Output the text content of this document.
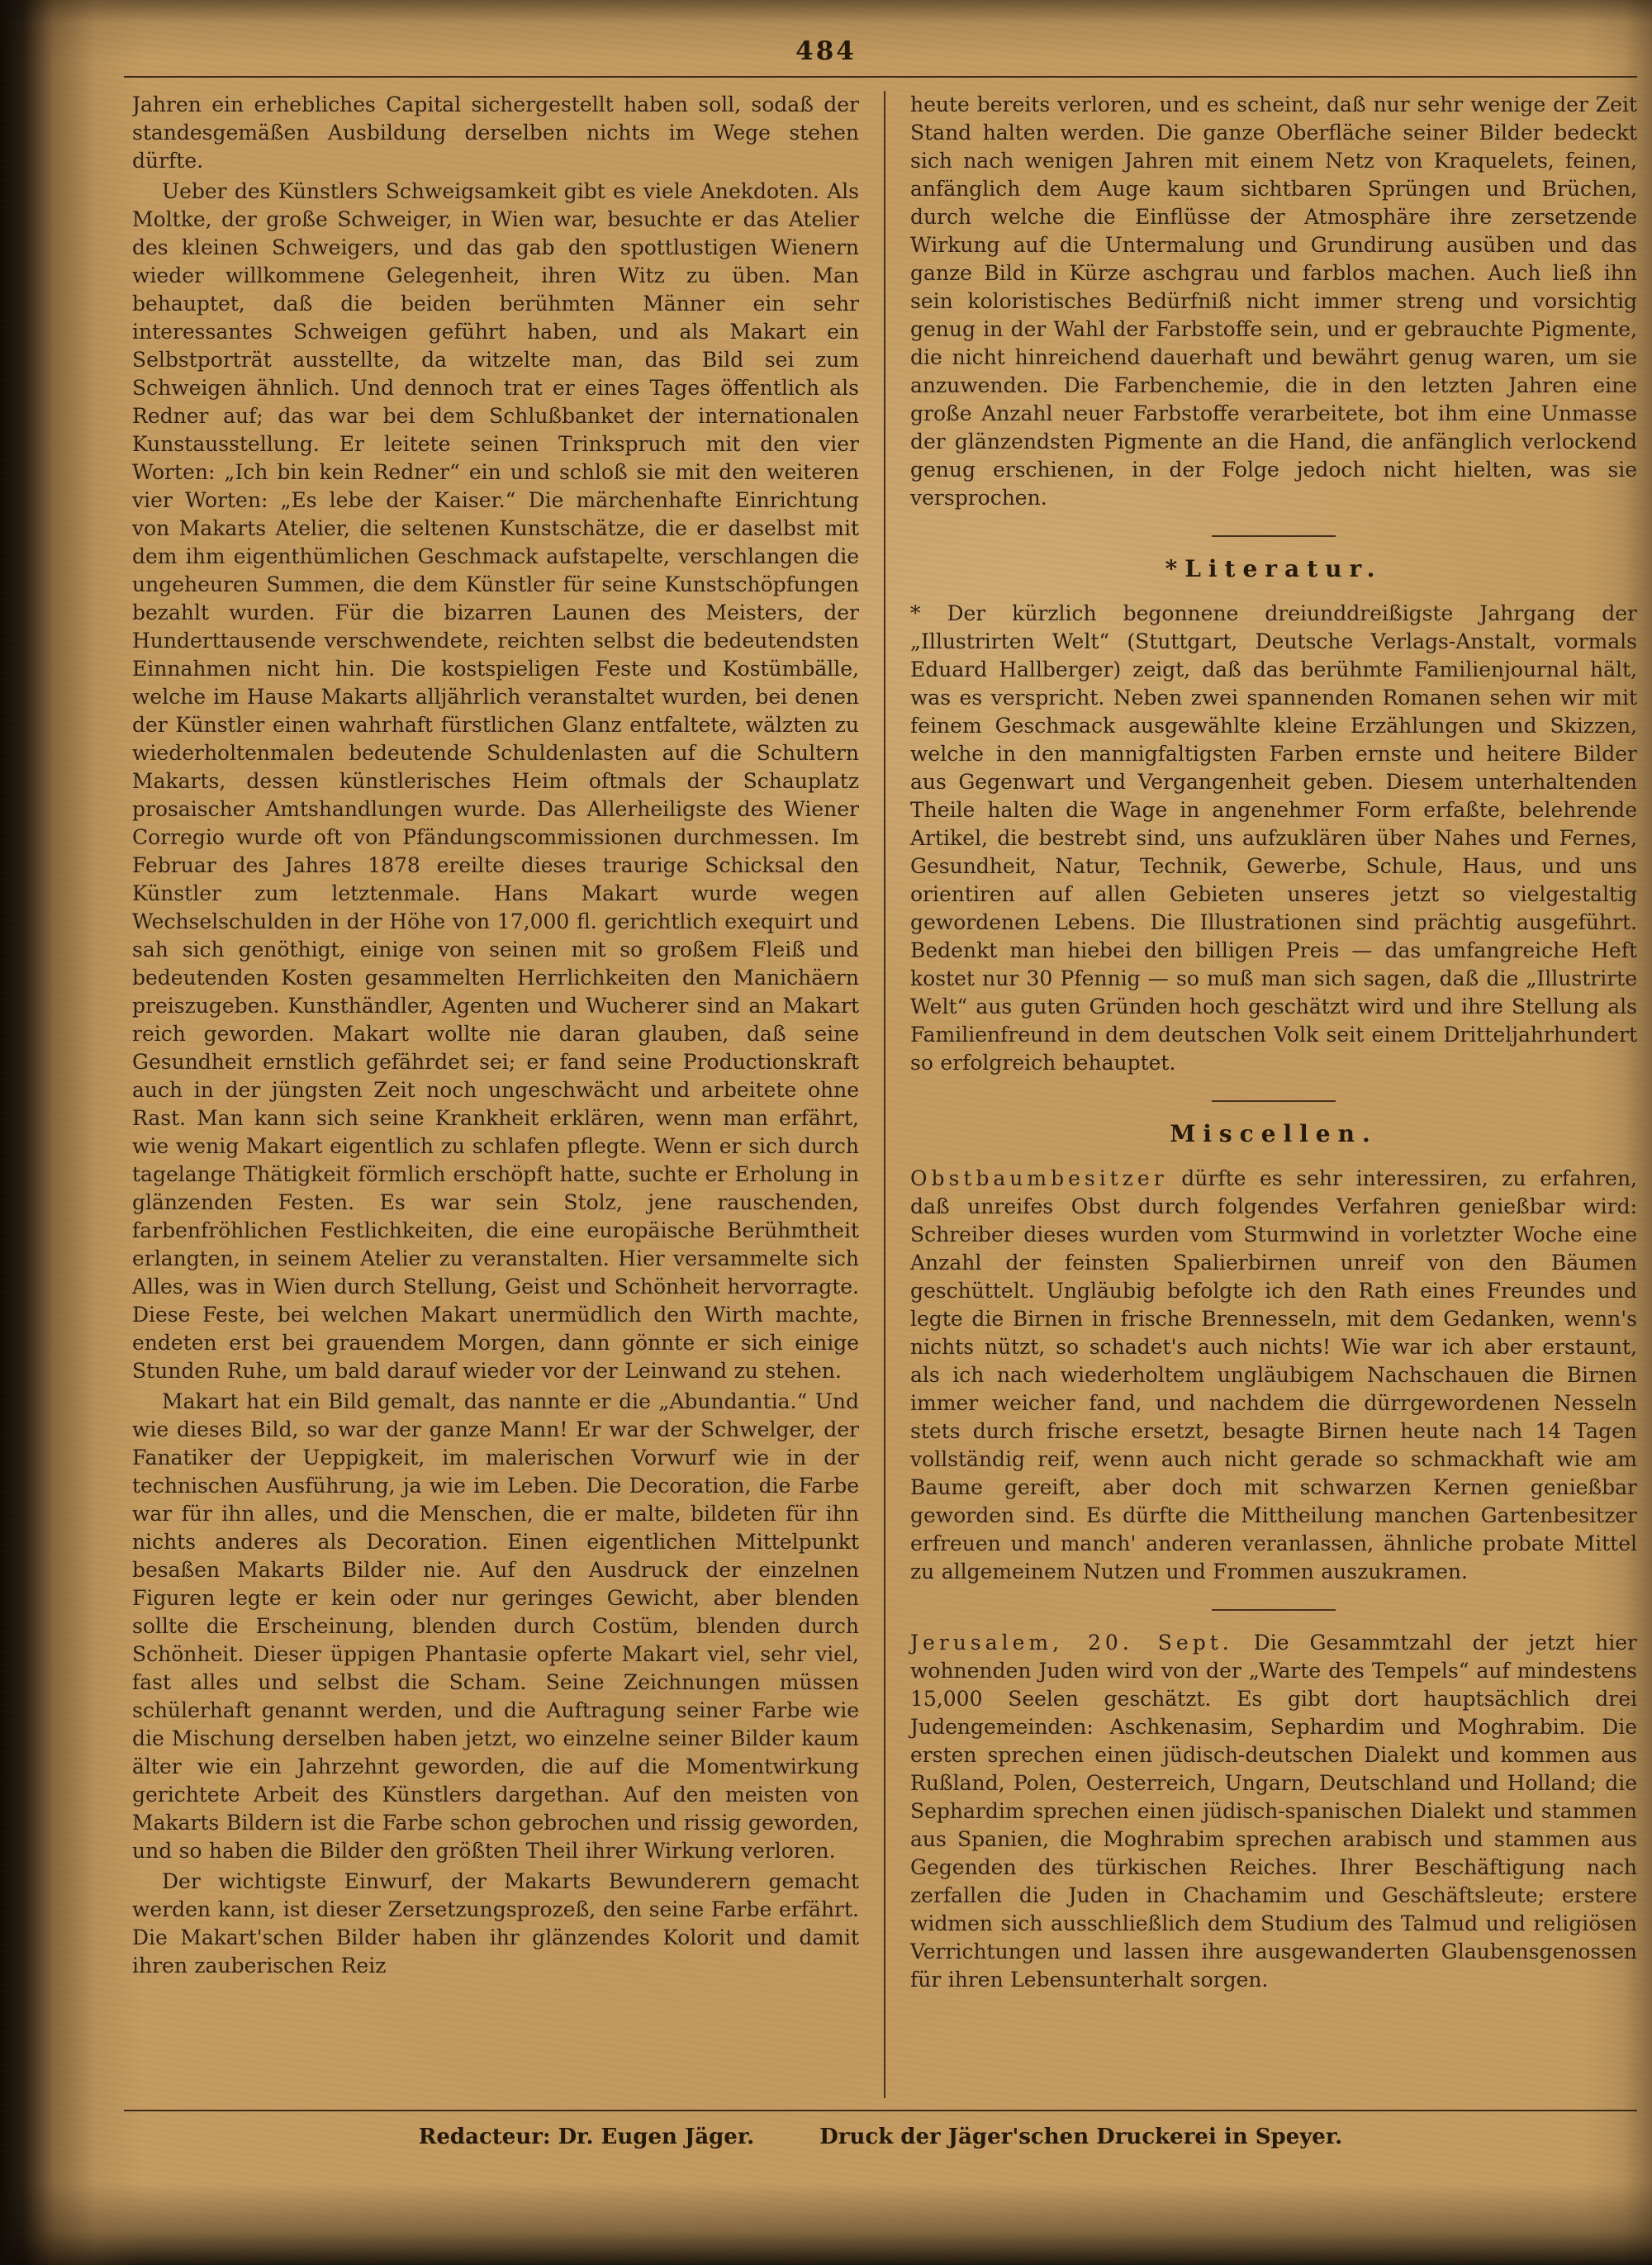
484

Jahren ein erhebliches Capital sichergestellt haben soll, sodaß der standesgemäßen Ausbildung derselben nichts im Wege stehen dürfte.

Ueber des Künstlers Schweigsamkeit gibt es viele Anekdoten. Als Moltke, der große Schweiger, in Wien war, besuchte er das Atelier des kleinen Schweigers, und das gab den spottlustigen Wienern wieder willkommene Gelegenheit, ihren Witz zu üben. Man behauptet, daß die beiden berühmten Männer ein sehr interessantes Schweigen geführt haben, und als Makart ein Selbstporträt ausstellte, da witzelte man, das Bild sei zum Schweigen ähnlich. Und dennoch trat er eines Tages öffentlich als Redner auf; das war bei dem Schlußbanket der internationalen Kunstausstellung. Er leitete seinen Trinkspruch mit den vier Worten: „Ich bin kein Redner“ ein und schloß sie mit den weiteren vier Worten: „Es lebe der Kaiser.“ Die märchenhafte Einrichtung von Makarts Atelier, die seltenen Kunstschätze, die er daselbst mit dem ihm eigenthümlichen Geschmack aufstapelte, verschlangen die ungeheuren Summen, die dem Künstler für seine Kunstschöpfungen bezahlt wurden. Für die bizarren Launen des Meisters, der Hunderttausende verschwendete, reichten selbst die bedeutendsten Einnahmen nicht hin. Die kostspieligen Feste und Kostümbälle, welche im Hause Makarts alljährlich veranstaltet wurden, bei denen der Künstler einen wahrhaft fürstlichen Glanz entfaltete, wälzten zu wiederholtenmalen bedeutende Schuldenlasten auf die Schultern Makarts, dessen künstlerisches Heim oftmals der Schauplatz prosaischer Amtshandlungen wurde. Das Allerheiligste des Wiener Corregio wurde oft von Pfändungscommissionen durchmessen. Im Februar des Jahres 1878 ereilte dieses traurige Schicksal den Künstler zum letztenmale. Hans Makart wurde wegen Wechselschulden in der Höhe von 17,000 fl. gerichtlich exequirt und sah sich genöthigt, einige von seinen mit so großem Fleiß und bedeutenden Kosten gesammelten Herrlichkeiten den Manichäern preiszugeben. Kunsthändler, Agenten und Wucherer sind an Makart reich geworden. Makart wollte nie daran glauben, daß seine Gesundheit ernstlich gefährdet sei; er fand seine Productionskraft auch in der jüngsten Zeit noch ungeschwächt und arbeitete ohne Rast. Man kann sich seine Krankheit erklären, wenn man erfährt, wie wenig Makart eigentlich zu schlafen pflegte. Wenn er sich durch tagelange Thätigkeit förmlich erschöpft hatte, suchte er Erholung in glänzenden Festen. Es war sein Stolz, jene rauschenden, farbenfröhlichen Festlichkeiten, die eine europäische Berühmtheit erlangten, in seinem Atelier zu veranstalten. Hier versammelte sich Alles, was in Wien durch Stellung, Geist und Schönheit hervorragte. Diese Feste, bei welchen Makart unermüdlich den Wirth machte, endeten erst bei grauendem Morgen, dann gönnte er sich einige Stunden Ruhe, um bald darauf wieder vor der Leinwand zu stehen.

Makart hat ein Bild gemalt, das nannte er die „Abundantia.“ Und wie dieses Bild, so war der ganze Mann! Er war der Schwelger, der Fanatiker der Ueppigkeit, im malerischen Vorwurf wie in der technischen Ausführung, ja wie im Leben. Die Decoration, die Farbe war für ihn alles, und die Menschen, die er malte, bildeten für ihn nichts anderes als Decoration. Einen eigentlichen Mittelpunkt besaßen Makarts Bilder nie. Auf den Ausdruck der einzelnen Figuren legte er kein oder nur geringes Gewicht, aber blenden sollte die Erscheinung, blenden durch Costüm, blenden durch Schönheit. Dieser üppigen Phantasie opferte Makart viel, sehr viel, fast alles und selbst die Scham. Seine Zeichnungen müssen schülerhaft genannt werden, und die Auftragung seiner Farbe wie die Mischung derselben haben jetzt, wo einzelne seiner Bilder kaum älter wie ein Jahrzehnt geworden, die auf die Momentwirkung gerichtete Arbeit des Künstlers dargethan. Auf den meisten von Makarts Bildern ist die Farbe schon gebrochen und rissig geworden, und so haben die Bilder den größten Theil ihrer Wirkung verloren.

Der wichtigste Einwurf, der Makarts Bewunderern gemacht werden kann, ist dieser Zersetzungsprozeß, den seine Farbe erfährt. Die Makart'schen Bilder haben ihr glänzendes Kolorit und damit ihren zauberischen Reiz

heute bereits verloren, und es scheint, daß nur sehr wenige der Zeit Stand halten werden. Die ganze Oberfläche seiner Bilder bedeckt sich nach wenigen Jahren mit einem Netz von Kraquelets, feinen, anfänglich dem Auge kaum sichtbaren Sprüngen und Brüchen, durch welche die Einflüsse der Atmosphäre ihre zersetzende Wirkung auf die Untermalung und Grundirung ausüben und das ganze Bild in Kürze aschgrau und farblos machen. Auch ließ ihn sein koloristisches Bedürfniß nicht immer streng und vorsichtig genug in der Wahl der Farbstoffe sein, und er gebrauchte Pigmente, die nicht hinreichend dauerhaft und bewährt genug waren, um sie anzuwenden. Die Farbenchemie, die in den letzten Jahren eine große Anzahl neuer Farbstoffe verarbeitete, bot ihm eine Unmasse der glänzendsten Pigmente an die Hand, die anfänglich verlockend genug erschienen, in der Folge jedoch nicht hielten, was sie versprochen.

*Literatur.

* Der kürzlich begonnene dreiunddreißigste Jahrgang der „Illustrirten Welt“ (Stuttgart, Deutsche Verlags-Anstalt, vormals Eduard Hallberger) zeigt, daß das berühmte Familienjournal hält, was es verspricht. Neben zwei spannenden Romanen sehen wir mit feinem Geschmack ausgewählte kleine Erzählungen und Skizzen, welche in den mannigfaltigsten Farben ernste und heitere Bilder aus Gegenwart und Vergangenheit geben. Diesem unterhaltenden Theile halten die Wage in angenehmer Form erfaßte, belehrende Artikel, die bestrebt sind, uns aufzuklären über Nahes und Fernes, Gesundheit, Natur, Technik, Gewerbe, Schule, Haus, und uns orientiren auf allen Gebieten unseres jetzt so vielgestaltig gewordenen Lebens. Die Illustrationen sind prächtig ausgeführt. Bedenkt man hiebei den billigen Preis — das umfangreiche Heft kostet nur 30 Pfennig — so muß man sich sagen, daß die „Illustrirte Welt“ aus guten Gründen hoch geschätzt wird und ihre Stellung als Familienfreund in dem deutschen Volk seit einem Dritteljahrhundert so erfolgreich behauptet.

Miscellen.

Obstbaumbesitzer dürfte es sehr interessiren, zu erfahren, daß unreifes Obst durch folgendes Verfahren genießbar wird: Schreiber dieses wurden vom Sturmwind in vorletzter Woche eine Anzahl der feinsten Spalierbirnen unreif von den Bäumen geschüttelt. Ungläubig befolgte ich den Rath eines Freundes und legte die Birnen in frische Brennesseln, mit dem Gedanken, wenn's nichts nützt, so schadet's auch nichts! Wie war ich aber erstaunt, als ich nach wiederholtem ungläubigem Nachschauen die Birnen immer weicher fand, und nachdem die dürrgewordenen Nesseln stets durch frische ersetzt, besagte Birnen heute nach 14 Tagen vollständig reif, wenn auch nicht gerade so schmackhaft wie am Baume gereift, aber doch mit schwarzen Kernen genießbar geworden sind. Es dürfte die Mittheilung manchen Gartenbesitzer erfreuen und manch' anderen veranlassen, ähnliche probate Mittel zu allgemeinem Nutzen und Frommen auszukramen.

Jerusalem, 20. Sept. Die Gesammtzahl der jetzt hier wohnenden Juden wird von der „Warte des Tempels“ auf mindestens 15,000 Seelen geschätzt. Es gibt dort hauptsächlich drei Judengemeinden: Aschkenasim, Sephardim und Moghrabim. Die ersten sprechen einen jüdisch-deutschen Dialekt und kommen aus Rußland, Polen, Oesterreich, Ungarn, Deutschland und Holland; die Sephardim sprechen einen jüdisch-spanischen Dialekt und stammen aus Spanien, die Moghrabim sprechen arabisch und stammen aus Gegenden des türkischen Reiches. Ihrer Beschäftigung nach zerfallen die Juden in Chachamim und Geschäftsleute; erstere widmen sich ausschließlich dem Studium des Talmud und religiösen Verrichtungen und lassen ihre ausgewanderten Glaubensgenossen für ihren Lebensunterhalt sorgen.

Redacteur: Dr. Eugen Jäger.	Druck der Jäger'schen Druckerei in Speyer.
